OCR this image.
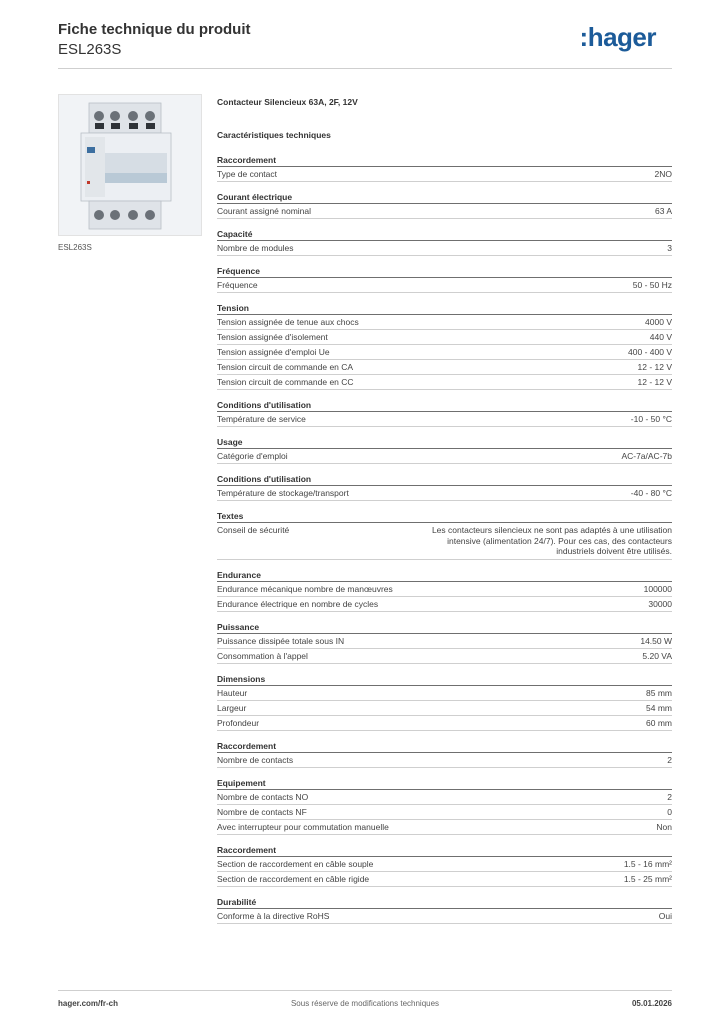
Fiche technique du produit
ESL263S	:hager
ESL263S
Contacteur Silencieux 63A, 2F, 12V
Caractéristiques techniques
Raccordement
Type de contact	2NO
Courant électrique
Courant assigné nominal	63 A
Capacité
Nombre de modules	3
Fréquence
Fréquence	50 - 50 Hz
Tension
Tension assignée de tenue aux chocs	4000 V
Tension assignée d'isolement	440 V
Tension assignée d'emploi Ue	400 - 400 V
Tension circuit de commande en CA	12 - 12 V
Tension circuit de commande en CC	12 - 12 V
Conditions d'utilisation
Température de service	-10 - 50 °C
Usage
Catégorie d'emploi	AC-7a/AC-7b
Conditions d'utilisation
Température de stockage/transport	-40 - 80 °C
Textes
Conseil de sécurité	Les contacteurs silencieux ne sont pas adaptés à une utilisation intensive (alimentation 24/7). Pour ces cas, des contacteurs industriels doivent être utilisés.
Endurance
Endurance mécanique nombre de manœuvres	100000
Endurance électrique en nombre de cycles	30000
Puissance
Puissance dissipée totale sous IN	14.50 W
Consommation à l'appel	5.20 VA
Dimensions
Hauteur	85 mm
Largeur	54 mm
Profondeur	60 mm
Raccordement
Nombre de contacts	2
Equipement
Nombre de contacts NO	2
Nombre de contacts NF	0
Avec interrupteur pour commutation manuelle	Non
Raccordement
Section de raccordement en câble souple	1.5 - 16 mm²
Section de raccordement en câble rigide	1.5 - 25 mm²
Durabilité
Conforme à la directive RoHS	Oui
hager.com/fr-ch	Sous réserve de modifications techniques	05.01.2026
